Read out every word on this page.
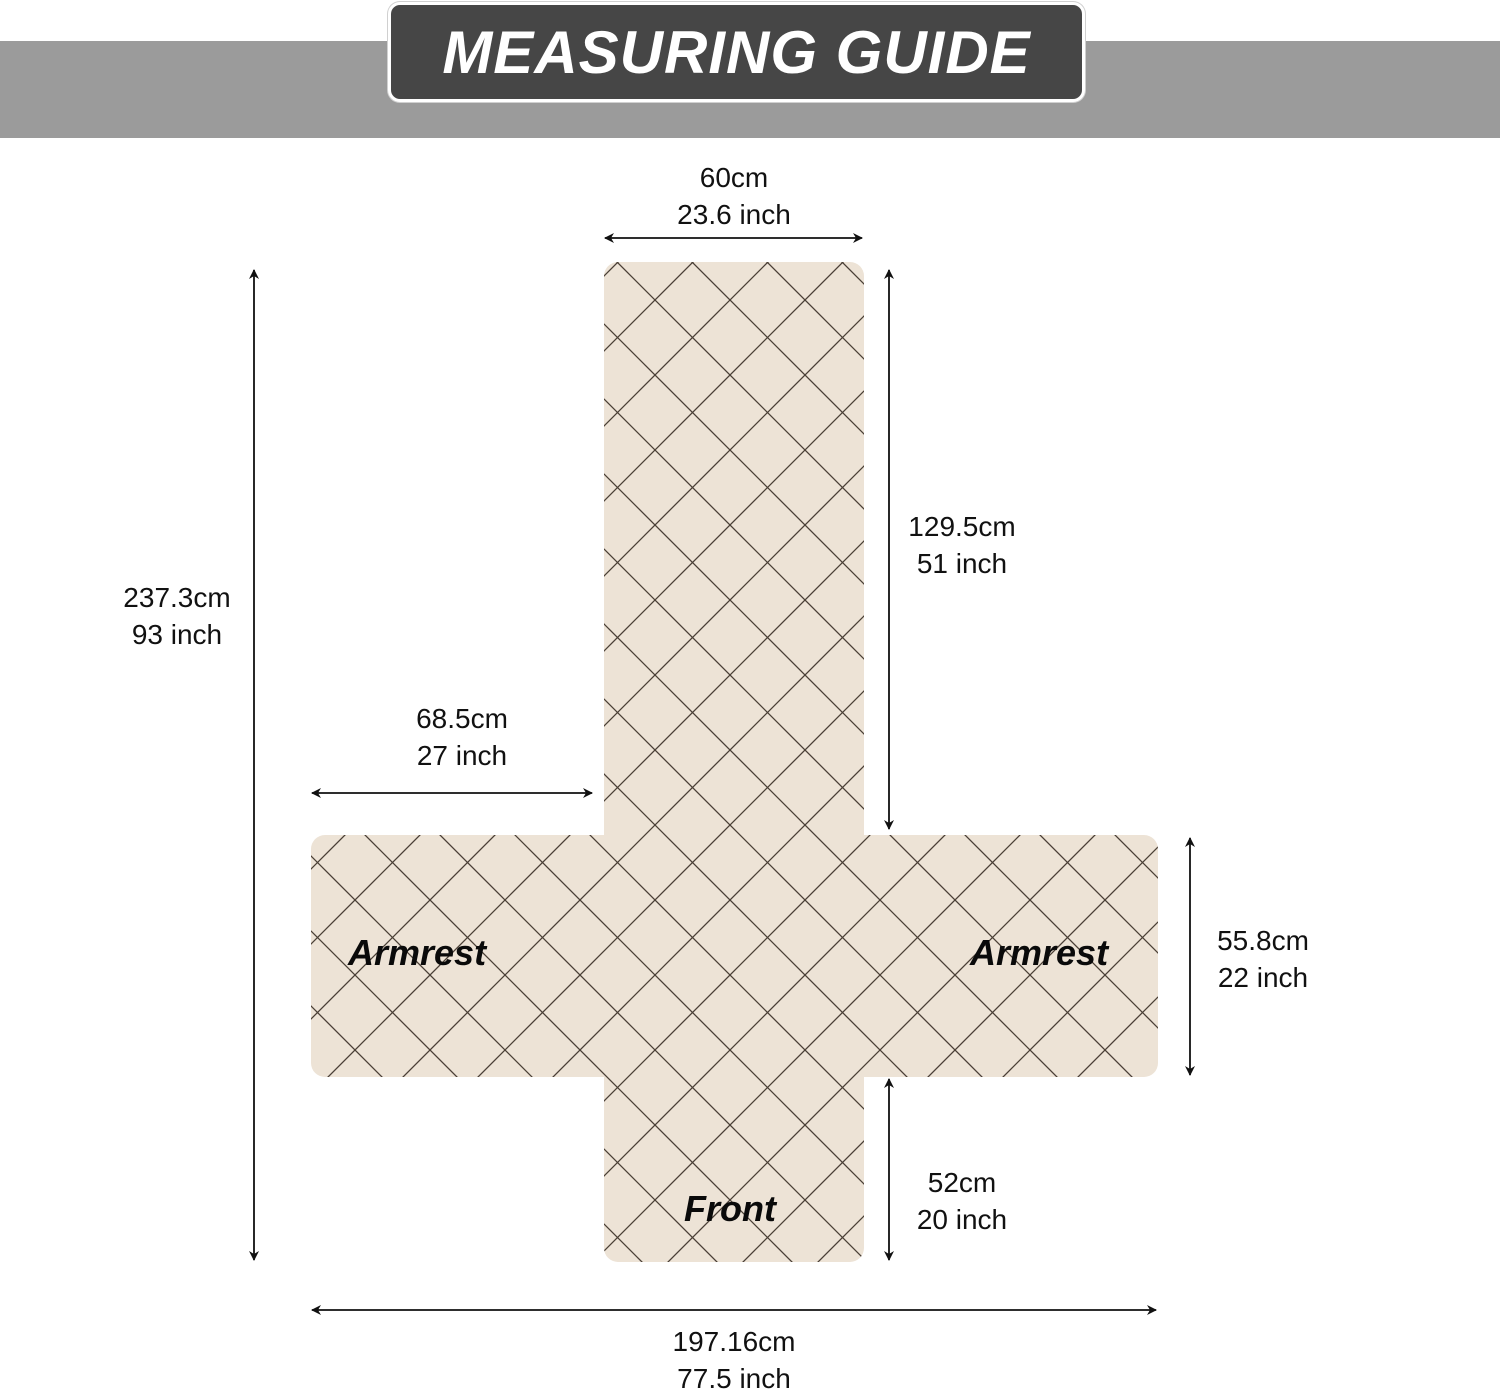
MEASURING GUIDE
Armrest	Armrest
Front
60cm
23.6 inch
129.5cm
51 inch
237.3cm
93 inch
68.5cm
27 inch
55.8cm
22 inch
52cm
20 inch
197.16cm
77.5 inch
